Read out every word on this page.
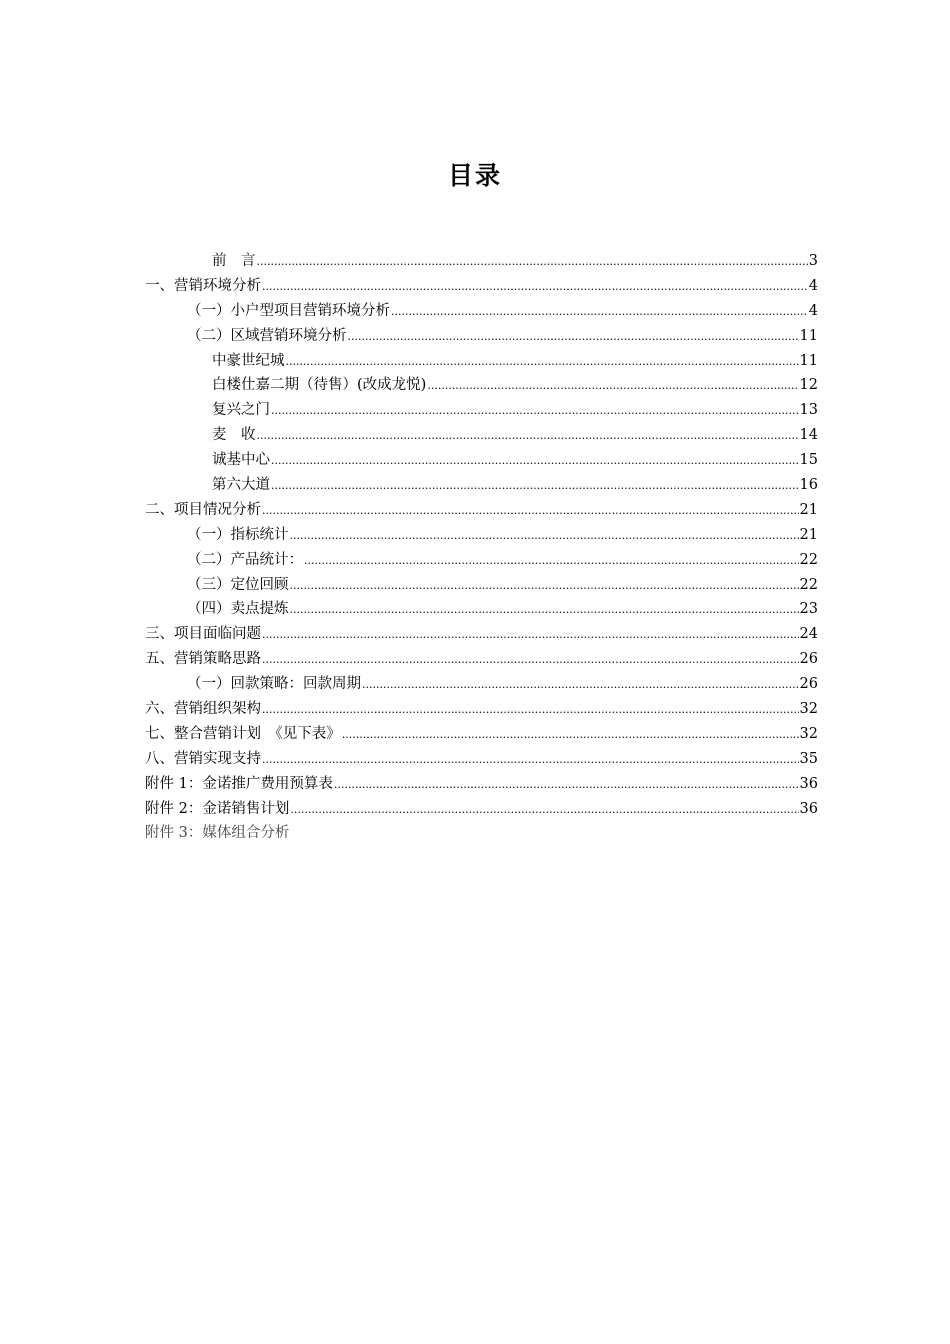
目录
前　言 .....	3
一、营销环境分析 .....	4
（一）小户型项目营销环境分析 .....	4
（二）区域营销环境分析 .....	11
中豪世纪城 .....	11
白楼仕嘉二期（待售）(改成龙悦) .....	12
复兴之门 .....	13
麦　收 .....	14
诚基中心 .....	15
第六大道 .....	16
二、项目情况分析 .....	21
（一）指标统计 .....	21
（二）产品统计： .....	22
（三）定位回顾 .....	22
（四）卖点提炼 .....	23
三、项目面临问题 .....	24
五、营销策略思路 .....	26
（一）回款策略：回款周期 .....	26
六、营销组织架构 .....	32
七、整合营销计划　《见下表》 .....	32
八、营销实现支持 .....	35
附件 1：金诺推广费用预算表 .....	36
附件 2：金诺销售计划 .....	36
附件 3：媒体组合分析
